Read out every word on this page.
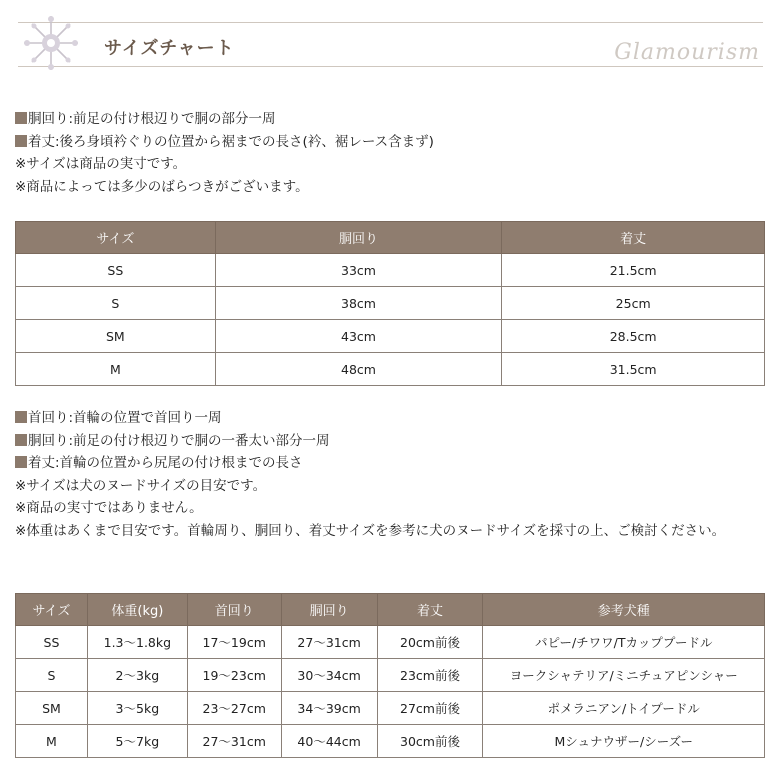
サイズチャート	Glamourism
胴回り:前足の付け根辺りで胴の部分一周
着丈:後ろ身頃衿ぐりの位置から裾までの長さ(衿、裾レース含まず)
※サイズは商品の実寸です。
※商品によっては多少のばらつきがございます。
サイズ	胴回り	着丈
SS	33cm	21.5cm
S	38cm	25cm
SM	43cm	28.5cm
M	48cm	31.5cm
首回り:首輪の位置で首回り一周
胴回り:前足の付け根辺りで胴の一番太い部分一周
着丈:首輪の位置から尻尾の付け根までの長さ
※サイズは犬のヌードサイズの目安です。
※商品の実寸ではありません。
※体重はあくまで目安です。首輪周り、胴回り、着丈サイズを参考に犬のヌードサイズを採寸の上、ご検討ください。
サイズ	体重(kg)	首回り	胴回り	着丈	参考犬種
SS	1.3～1.8kg	17～19cm	27～31cm	20cm前後	パピー/チワワ/Tカッププードル
S	2～3kg	19～23cm	30～34cm	23cm前後	ヨークシャテリア/ミニチュアピンシャー
SM	3～5kg	23～27cm	34～39cm	27cm前後	ポメラニアン/トイプードル
M	5～7kg	27～31cm	40～44cm	30cm前後	Mシュナウザー/シーズー
